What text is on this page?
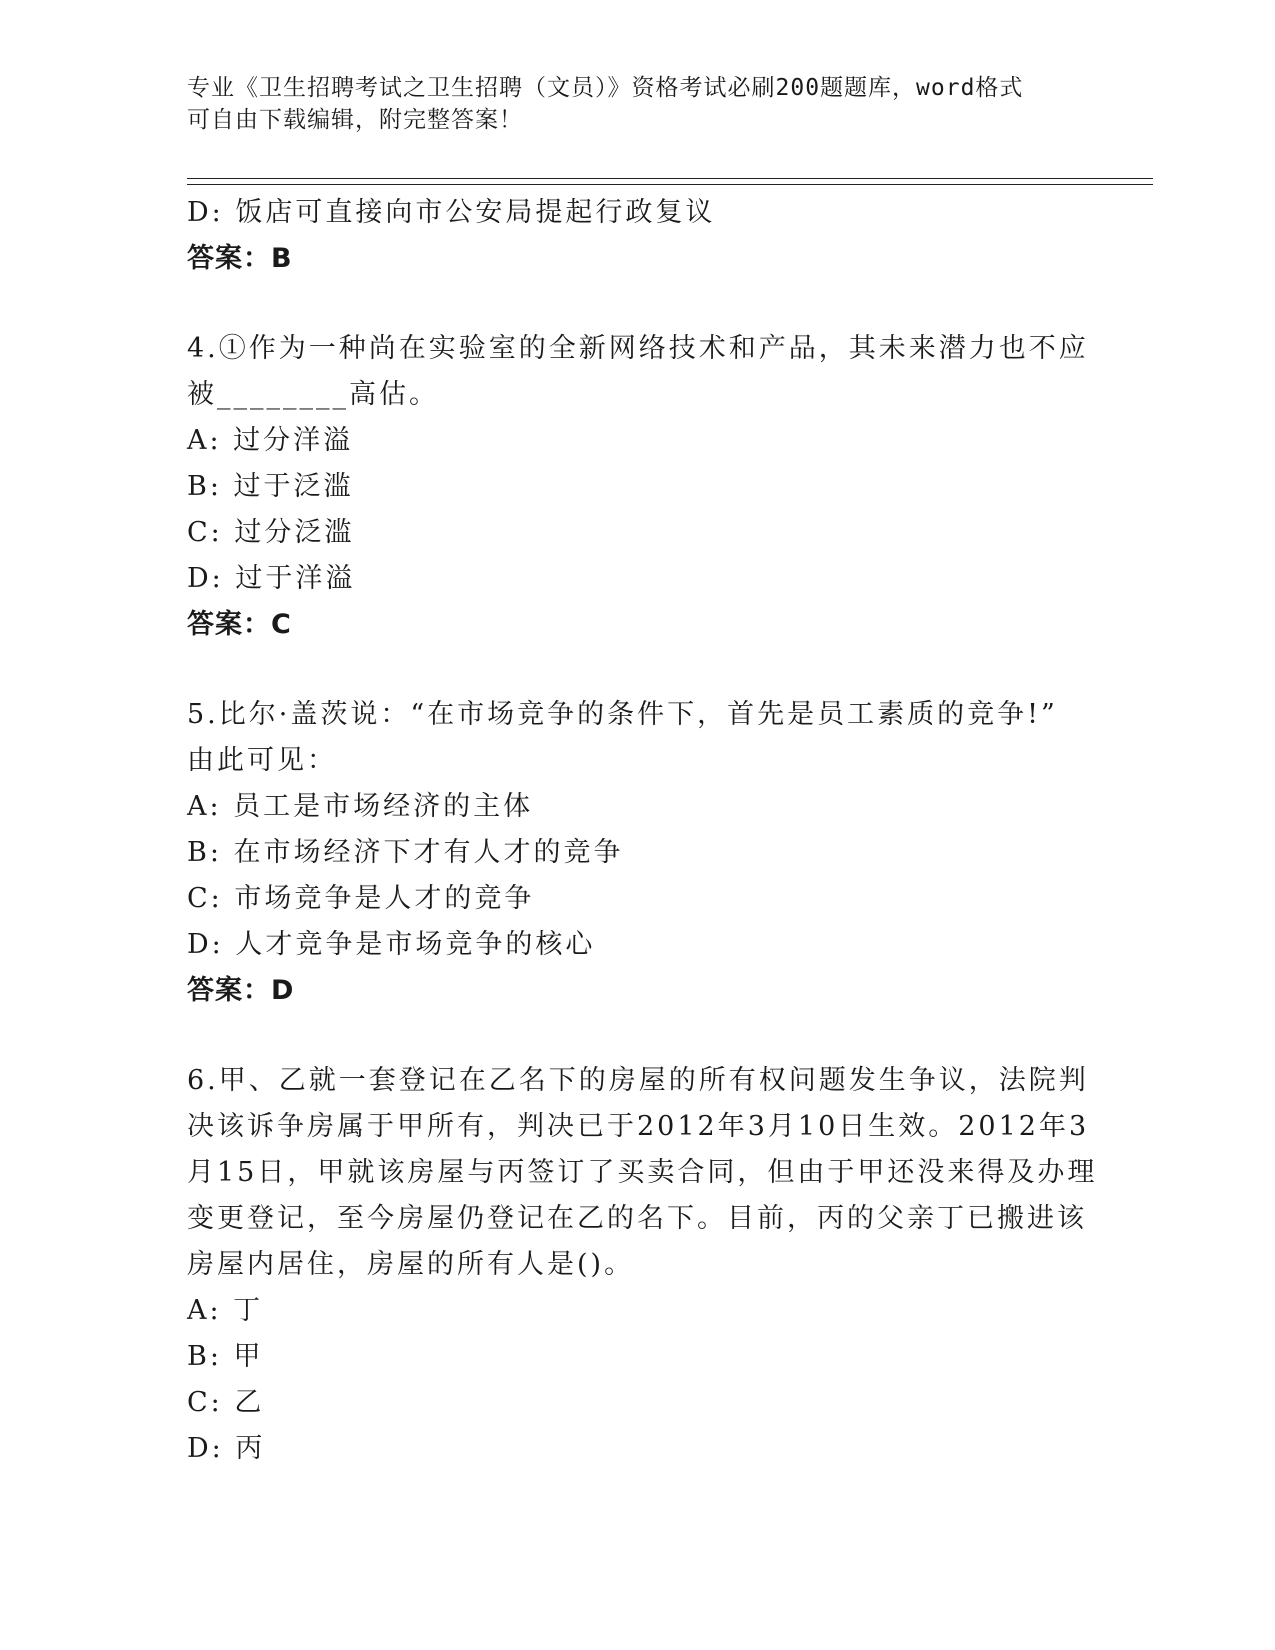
专业《卫生招聘考试之卫生招聘（文员）》资格考试必刷200题题库，word格式
可自由下载编辑，附完整答案！
D: 饭店可直接向市公安局提起行政复议
答案：B
4.①作为一种尚在实验室的全新网络技术和产品，其未来潜力也不应
被________高估。
A: 过分洋溢
B: 过于泛滥
C: 过分泛滥
D: 过于洋溢
答案：C
5.比尔·盖茨说：“在市场竞争的条件下，首先是员工素质的竞争!”
由此可见：
A: 员工是市场经济的主体
B: 在市场经济下才有人才的竞争
C: 市场竞争是人才的竞争
D: 人才竞争是市场竞争的核心
答案：D
6.甲、乙就一套登记在乙名下的房屋的所有权问题发生争议，法院判
决该诉争房属于甲所有，判决已于2012年3月10日生效。2012年3
月15日，甲就该房屋与丙签订了买卖合同，但由于甲还没来得及办理
变更登记，至今房屋仍登记在乙的名下。目前，丙的父亲丁已搬进该
房屋内居住，房屋的所有人是()。
A: 丁
B: 甲
C: 乙
D: 丙
